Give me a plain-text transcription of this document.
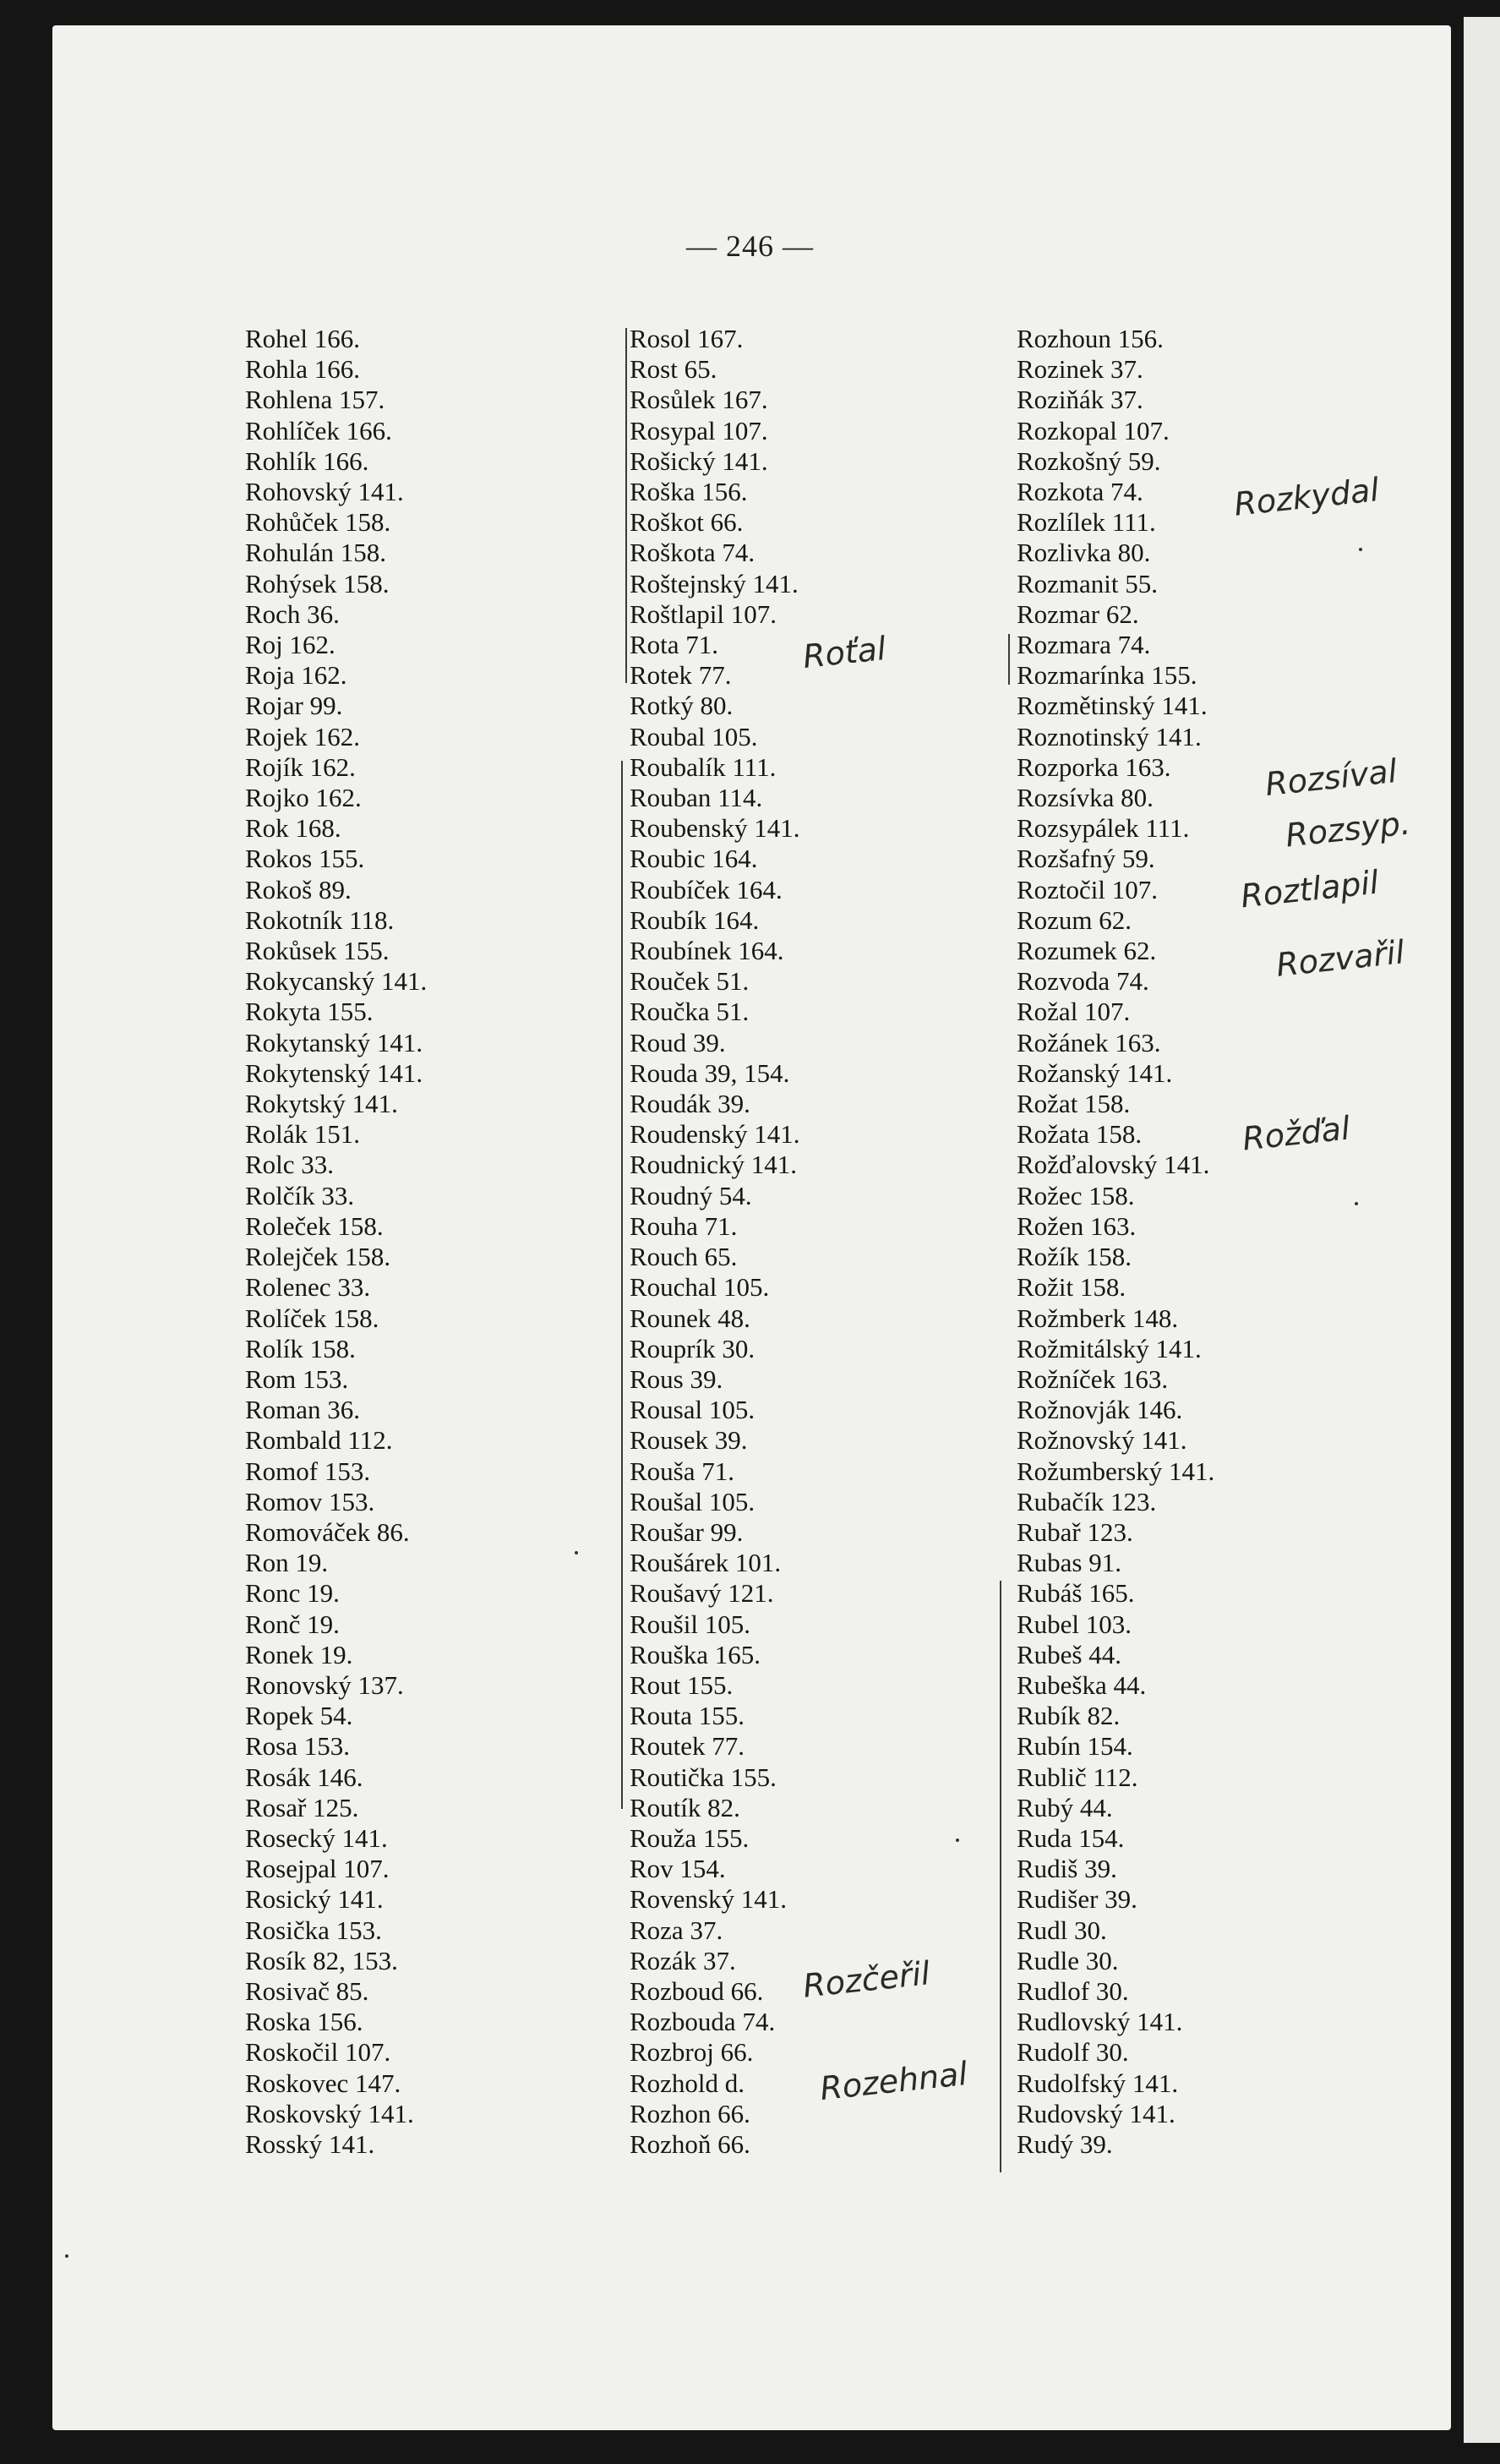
— 246 —
Rohel 166.
Rohla 166.
Rohlena 157.
Rohlíček 166.
Rohlík 166.
Rohovský 141.
Rohůček 158.
Rohulán 158.
Rohýsek 158.
Roch 36.
Roj 162.
Roja 162.
Rojar 99.
Rojek 162.
Rojík 162.
Rojko 162.
Rok 168.
Rokos 155.
Rokoš 89.
Rokotník 118.
Rokůsek 155.
Rokycanský 141.
Rokyta 155.
Rokytanský 141.
Rokytenský 141.
Rokytský 141.
Rolák 151.
Rolc 33.
Rolčík 33.
Roleček 158.
Rolejček 158.
Rolenec 33.
Rolíček 158.
Rolík 158.
Rom 153.
Roman 36.
Rombald 112.
Romof 153.
Romov 153.
Romováček 86.
Ron 19.
Ronc 19.
Ronč 19.
Ronek 19.
Ronovský 137.
Ropek 54.
Rosa 153.
Rosák 146.
Rosař 125.
Rosecký 141.
Rosejpal 107.
Rosický 141.
Rosička 153.
Rosík 82, 153.
Rosivač 85.
Roska 156.
Roskočil 107.
Roskovec 147.
Roskovský 141.
Rosský 141.
Rosol 167.
Rost 65.
Rosůlek 167.
Rosypal 107.
Rošický 141.
Roška 156.
Roškot 66.
Roškota 74.
Roštejnský 141.
Roštlapil 107.
Rota 71.
Rotek 77.
Rotký 80.
Roubal 105.
Roubalík 111.
Rouban 114.
Roubenský 141.
Roubic 164.
Roubíček 164.
Roubík 164.
Roubínek 164.
Rouček 51.
Roučka 51.
Roud 39.
Rouda 39, 154.
Roudák 39.
Roudenský 141.
Roudnický 141.
Roudný 54.
Rouha 71.
Rouch 65.
Rouchal 105.
Rounek 48.
Rouprík 30.
Rous 39.
Rousal 105.
Rousek 39.
Rouša 71.
Roušal 105.
Roušar 99.
Roušárek 101.
Roušavý 121.
Roušil 105.
Rouška 165.
Rout 155.
Routa 155.
Routek 77.
Routička 155.
Routík 82.
Rouža 155.
Rov 154.
Rovenský 141.
Roza 37.
Rozák 37.
Rozboud 66.
Rozbouda 74.
Rozbroj 66.
Rozhold d.
Rozhon 66.
Rozhoň 66.
Rozhoun 156.
Rozinek 37.
Roziňák 37.
Rozkopal 107.
Rozkošný 59.
Rozkota 74.
Rozlílek 111.
Rozlivka 80.
Rozmanit 55.
Rozmar 62.
Rozmara 74.
Rozmarínka 155.
Rozmětinský 141.
Roznotinský 141.
Rozporka 163.
Rozsívka 80.
Rozsypálek 111.
Rozšafný 59.
Roztočil 107.
Rozum 62.
Rozumek 62.
Rozvoda 74.
Rožal 107.
Rožánek 163.
Rožanský 141.
Rožat 158.
Rožata 158.
Rožďalovský 141.
Rožec 158.
Rožen 163.
Rožík 158.
Rožit 158.
Rožmberk 148.
Rožmitálský 141.
Rožníček 163.
Rožnovják 146.
Rožnovský 141.
Rožumberský 141.
Rubačík 123.
Rubař 123.
Rubas 91.
Rubáš 165.
Rubel 103.
Rubeš 44.
Rubeška 44.
Rubík 82.
Rubín 154.
Rublič 112.
Rubý 44.
Ruda 154.
Rudiš 39.
Rudišer 39.
Rudl 30.
Rudle 30.
Rudlof 30.
Rudlovský 141.
Rudolf 30.
Rudolfský 141.
Rudovský 141.
Rudý 39.
Roťal
Rozkydal
Rozsíval
Rozsyp.
Roztlapil
Rozvařil
Rožďal
Rozčeřil
Rozehnal
